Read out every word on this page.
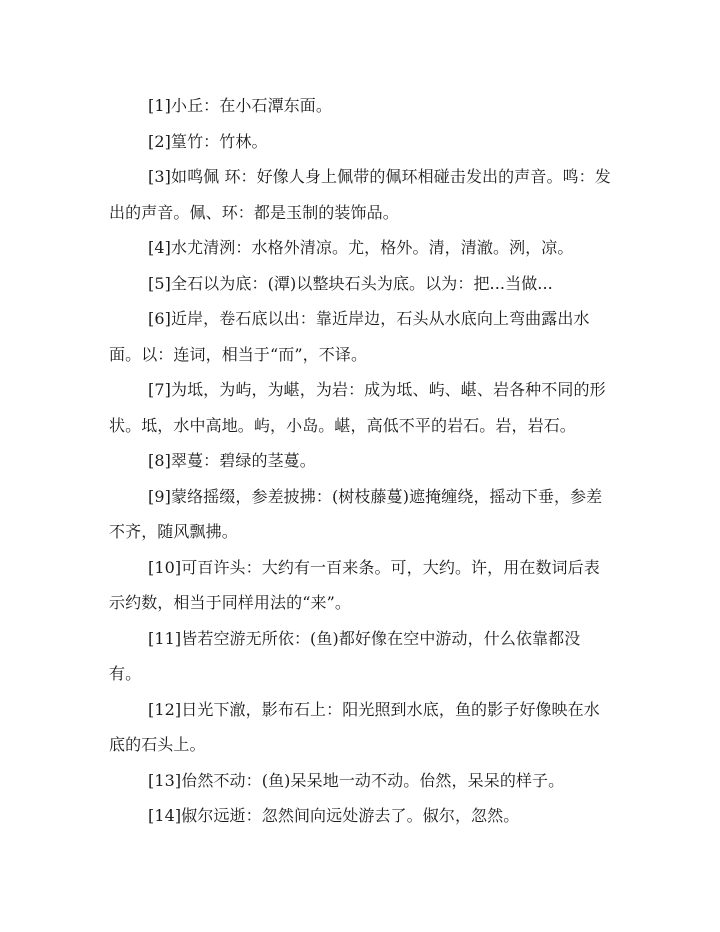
[1]小丘：在小石潭东面。

[2]篁竹：竹林。

[3]如鸣佩 环：好像人身上佩带的佩环相碰击发出的声音。鸣：发出的声音。佩、环：都是玉制的装饰品。

[4]水尤清洌：水格外清凉。尤，格外。清，清澈。洌，凉。

[5]全石以为底：(潭)以整块石头为底。以为：把...当做...

[6]近岸，卷石底以出：靠近岸边，石头从水底向上弯曲露出水面。以：连词，相当于“而”，不译。

[7]为坻，为屿，为嵁，为岩：成为坻、屿、嵁、岩各种不同的形状。坻，水中高地。屿，小岛。嵁，高低不平的岩石。岩，岩石。

[8]翠蔓：碧绿的茎蔓。

[9]蒙络摇缀，参差披拂：(树枝藤蔓)遮掩缠绕，摇动下垂，参差不齐，随风飘拂。

[10]可百许头：大约有一百来条。可，大约。许，用在数词后表示约数，相当于同样用法的“来”。

[11]皆若空游无所依：(鱼)都好像在空中游动，什么依靠都没有。

[12]日光下澈，影布石上：阳光照到水底，鱼的影子好像映在水底的石头上。

[13]佁然不动：(鱼)呆呆地一动不动。佁然，呆呆的样子。

[14]俶尔远逝：忽然间向远处游去了。俶尔，忽然。
